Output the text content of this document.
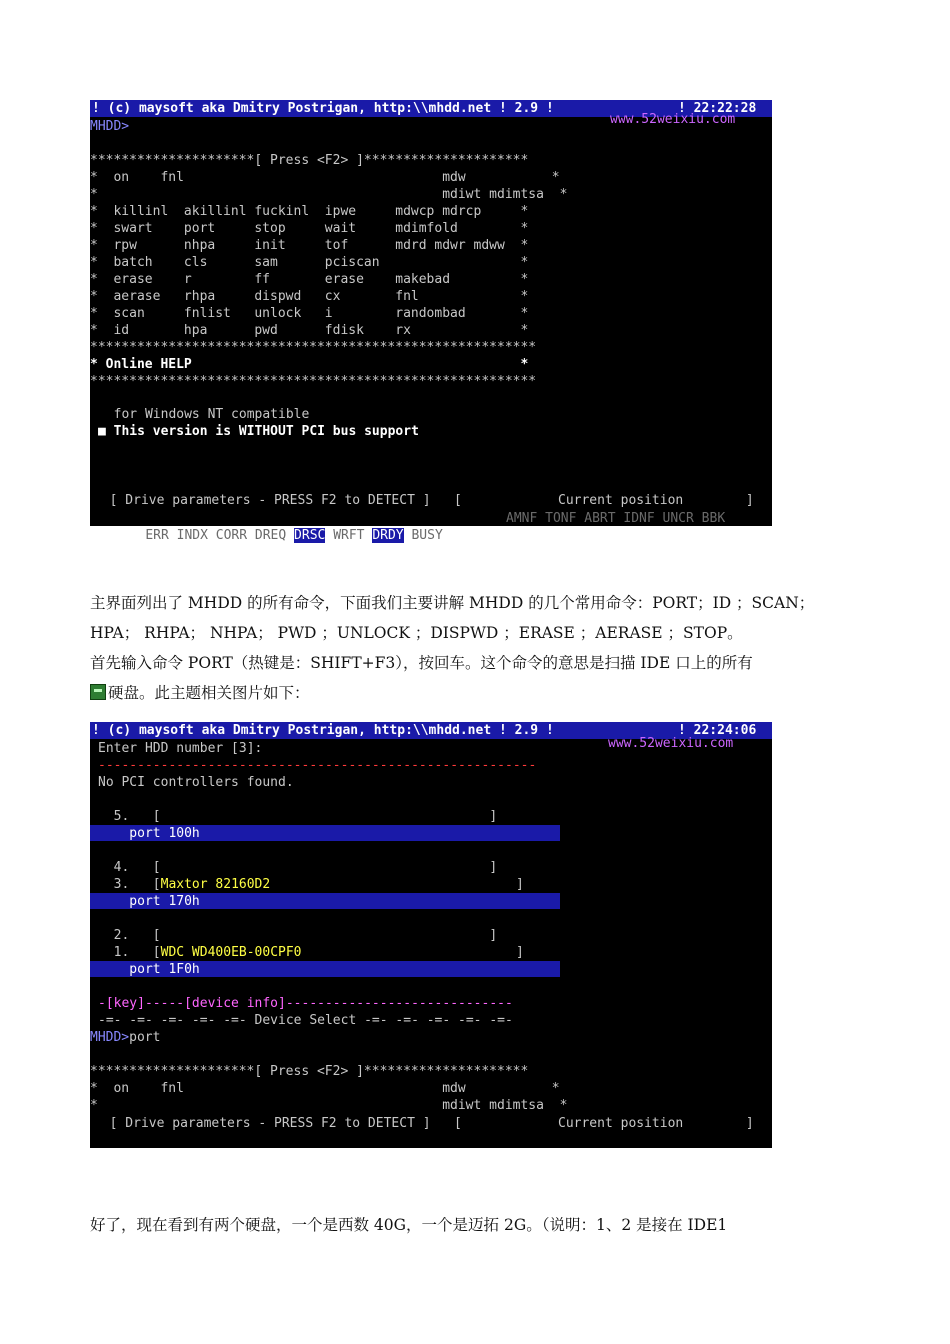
! (c) maysoft aka Dmitry Postrigan, http:\\mhdd.net ! 2.9 !	! 22:22:28
www.52weixiu.com
MHDD>
*********************[ Press <F2> ]*********************
*  on    fnl                                 mdw           *
*                                            mdiwt mdimtsa  *
*  killinl  akillinl fuckinl  ipwe     mdwcp mdrcp     *
*  swart    port     stop     wait     mdimfold        *
*  rpw      nhpa     init     tof      mdrd mdwr mdww  *
*  batch    cls      sam      pciscan                  *
*  erase    r        ff       erase    makebad         *
*  aerase   rhpa     dispwd   cx       fnl             *
*  scan     fnlist   unlock   i        randombad       *
*  id       hpa      pwd      fdisk    rx              *
*********************************************************
* Online HELP                                          *
*********************************************************
for Windows NT compatible
■ This version is WITHOUT PCI bus support
[ Drive parameters - PRESS F2 to DETECT ]   [	Current position        ]

ERR INDX CORR DREQ DRSC WRFT DRDY BUSY

AMNF TONF ABRT IDNF UNCR BBK
主界面列出了 MHDD 的所有命令，下面我们主要讲解 MHDD 的几个常用命令：PORT；ID ；SCAN；
HPA； RHPA； NHPA； PWD ；UNLOCK ；DISPWD ；ERASE ；AERASE ；STOP。
首先输入命令 PORT（热键是：SHIFT+F3），按回车。这个命令的意思是扫描 IDE 口上的所有
硬盘。此主题相关图片如下：
! (c) maysoft aka Dmitry Postrigan, http:\\mhdd.net ! 2.9 !	! 22:24:06
www.52weixiu.com
Enter HDD number [3]:
--------------------------------------------------------
No PCI controllers found.
5.   [                                          ]
port 100h
4.   [                                          ]
3.   [Maxtor 82160D2	]
port 170h
2.   [                                          ]
1.   [WDC WD400EB-00CPF0	]
port 1F0h
-[key]-----[device info]-----------------------------
-=- -=- -=- -=- -=- Device Select -=- -=- -=- -=- -=-
MHDD>port
*********************[ Press <F2> ]*********************
*  on    fnl                                 mdw           *
*                                            mdiwt mdimtsa  *
[ Drive parameters - PRESS F2 to DETECT ]   [	Current position        ]
好了，现在看到有两个硬盘，一个是西数 40G，一个是迈拓 2G。（说明：1、2 是接在 IDE1
